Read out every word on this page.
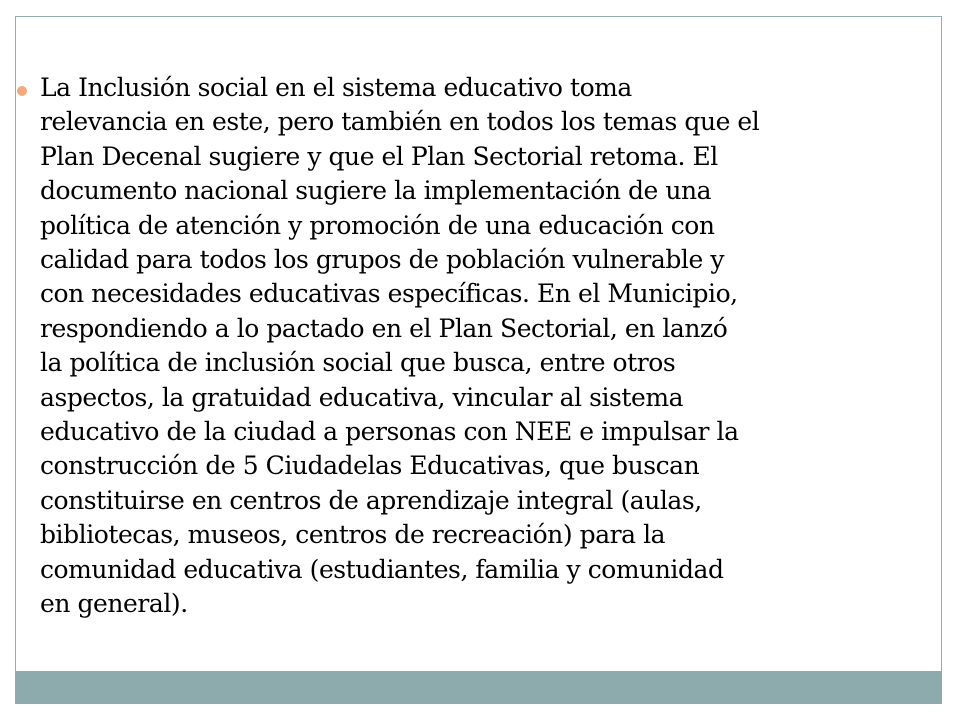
La Inclusión social en el sistema educativo toma
relevancia en este, pero también en todos los temas que el
Plan Decenal sugiere y que el Plan Sectorial retoma. El
documento nacional sugiere la implementación de una
política de atención y promoción de una educación con
calidad para todos los grupos de población vulnerable y
con necesidades educativas específicas. En el Municipio,
respondiendo a lo pactado en el Plan Sectorial, en lanzó
la política de inclusión social que busca, entre otros
aspectos, la gratuidad educativa, vincular al sistema
educativo de la ciudad a personas con NEE e impulsar la
construcción de 5 Ciudadelas Educativas, que buscan
constituirse en centros de aprendizaje integral (aulas,
bibliotecas, museos, centros de recreación) para la
comunidad educativa (estudiantes, familia y comunidad
en general).
